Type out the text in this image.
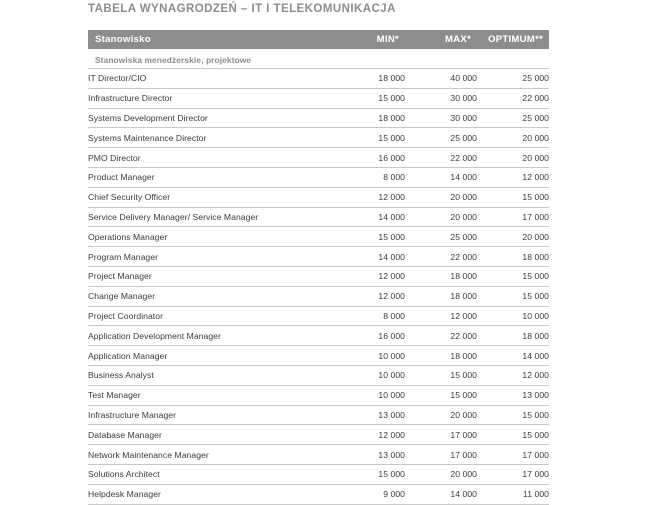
TABELA WYNAGRODZEŃ – IT I TELEKOMUNIKACJA
Stanowisko	MIN*	MAX*	OPTIMUM**
Stanowiska menedżerskie, projektowe			
IT Director/CIO	18 000	40 000	25 000
Infrastructure Director	15 000	30 000	22 000
Systems Development Director	18 000	30 000	25 000
Systems Maintenance Director	15 000	25 000	20 000
PMO Director	16 000	22 000	20 000
Product Manager	8 000	14 000	12 000
Chief Security Officer	12 000	20 000	15 000
Service Delivery Manager/ Service Manager	14 000	20 000	17 000
Operations Manager	15 000	25 000	20 000
Program Manager	14 000	22 000	18 000
Project Manager	12 000	18 000	15 000
Change Manager	12 000	18 000	15 000
Project Coordinator	8 000	12 000	10 000
Application Development Manager	16 000	22 000	18 000
Application Manager	10 000	18 000	14 000
Business Analyst	10 000	15 000	12 000
Test Manager	10 000	15 000	13 000
Infrastructure Manager	13 000	20 000	15 000
Database Manager	12 000	17 000	15 000
Network Maintenance Manager	13 000	17 000	17 000
Solutions Architect	15 000	20 000	17 000
Helpdesk Manager	9 000	14 000	11 000
